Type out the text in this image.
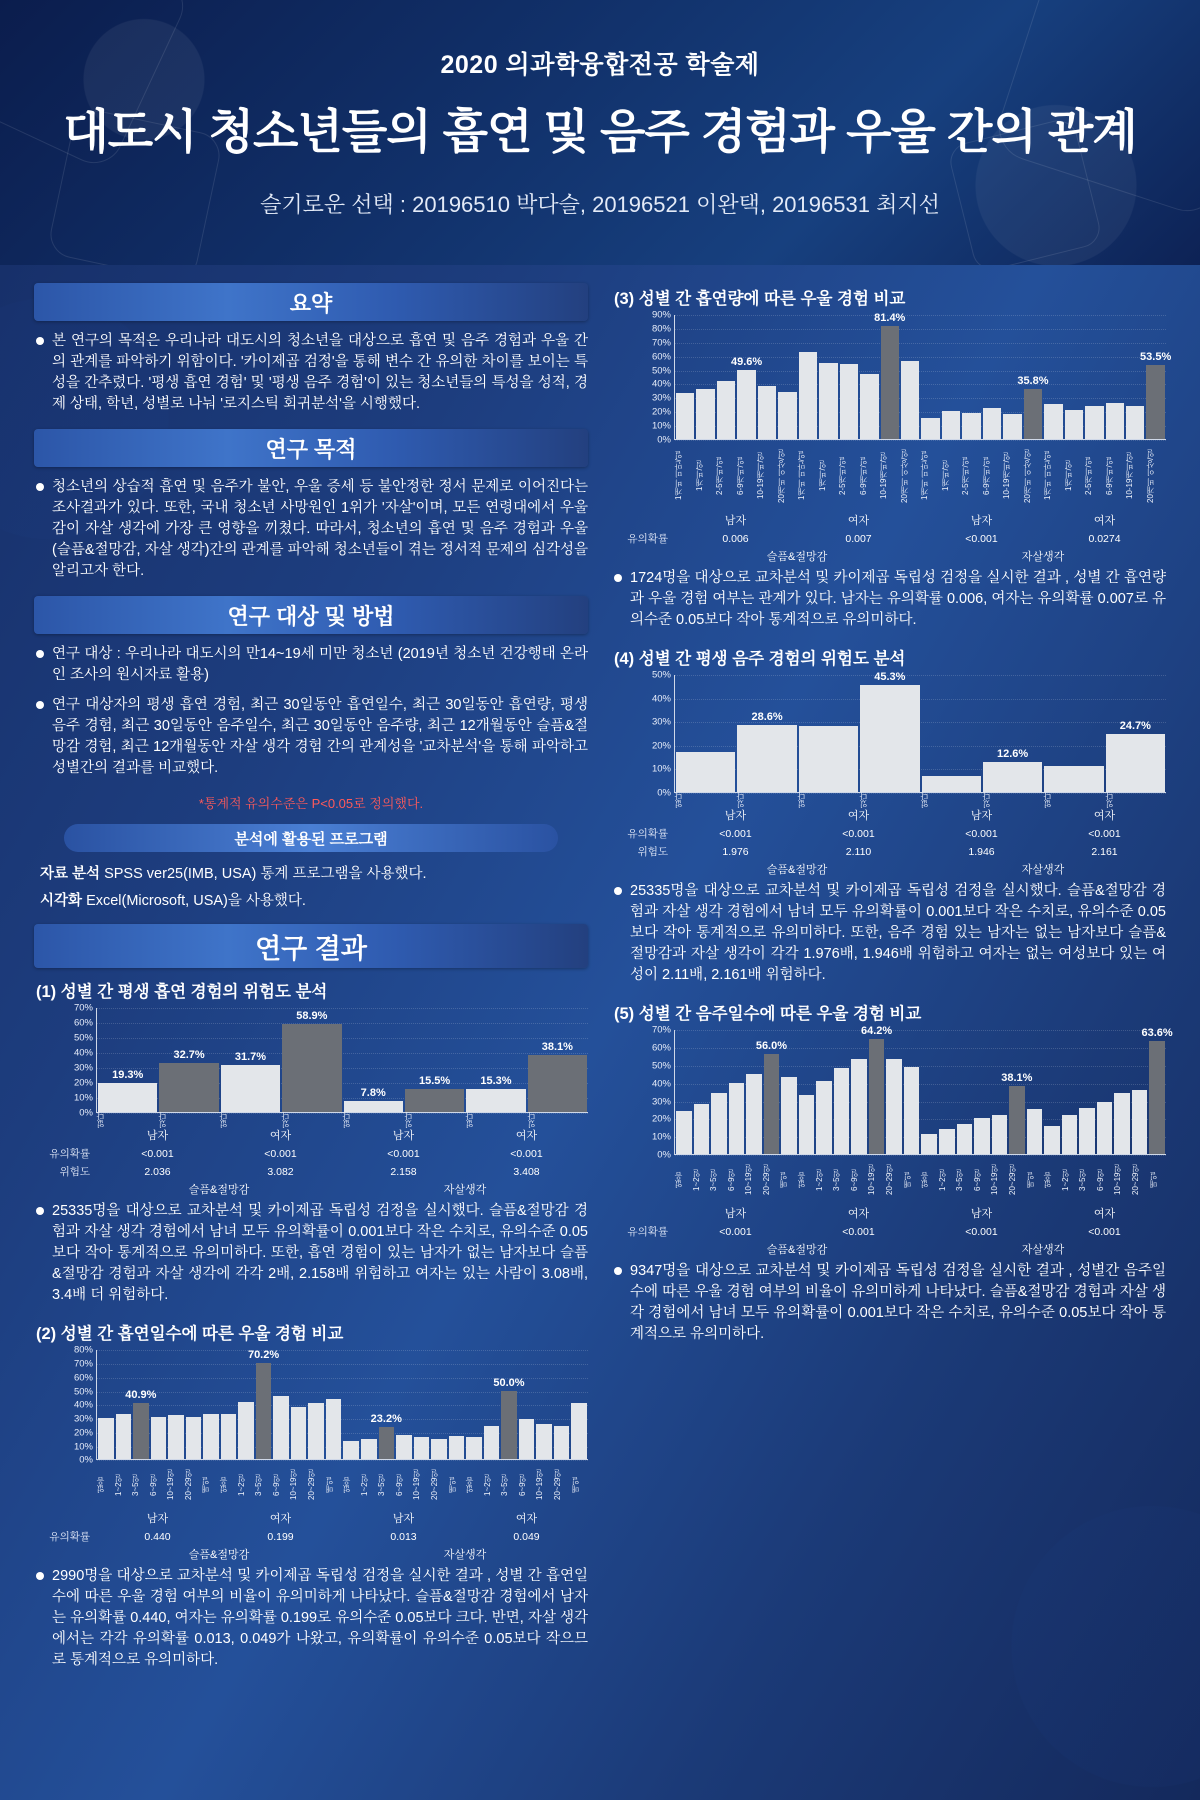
2020 의과학융합전공 학술제
대도시 청소년들의 흡연 및 음주 경험과 우울 간의 관계
슬기로운 선택 : 20196510 박다슬, 20196521 이완택, 20196531 최지선
요약
본 연구의 목적은 우리나라 대도시의 청소년을 대상으로 흡연 및 음주 경험과 우울 간의 관계를 파악하기 위함이다. '카이제곱 검정'을 통해 변수 간 유의한 차이를 보이는 특성을 간추렸다. '평생 흡연 경험' 및 '평생 음주 경험'이 있는 청소년들의 특성을 성적, 경제 상태, 학년, 성별로 나눠 '로지스틱 회귀분석'을 시행했다.
연구 목적
청소년의 상습적 흡연 및 음주가 불안, 우울 증세 등 불안정한 정서 문제로 이어진다는 조사결과가 있다. 또한, 국내 청소년 사망원인 1위가 '자살'이며, 모든 연령대에서 우울감이 자살 생각에 가장 큰 영향을 끼쳤다. 따라서, 청소년의 흡연 및 음주 경험과 우울(슬픔&절망감, 자살 생각)간의 관계를 파악해 청소년들이 겪는 정서적 문제의 심각성을 알리고자 한다.
연구 대상 및 방법
연구 대상 : 우리나라 대도시의 만14~19세 미만 청소년 (2019년 청소년 건강행태 온라인 조사의 원시자료 활용)
연구 대상자의 평생 흡연 경험, 최근 30일동안 흡연일수, 최근 30일동안 흡연량, 평생 음주 경험, 최근 30일동안 음주일수, 최근 30일동안 음주량, 최근 12개월동안 슬픔&절망감 경험, 최근 12개월동안 자살 생각 경험 간의 관계성을 '교차분석'을 통해 파악하고 성별간의 결과를 비교했다.
*통계적 유의수준은 P<0.05로 정의했다.
분석에 활용된 프로그램
자료 분석 SPSS ver25(IMB, USA) 통계 프로그램을 사용했다.
시각화 Excel(Microsoft, USA)을 사용했다.
연구 결과
(1) 성별 간 평생 흡연 경험의 위험도 분석
0%
10%
20%
30%
40%
50%
60%
70%
19.3%
32.7%	31.7%
58.9%
7.8%
15.5%	15.3%
38.1%
없다	있다	없다	있다	없다	있다	없다	있다
남자	여자	남자	여자
유의확률	<0.001	<0.001	<0.001	<0.001
위험도	2.036	3.082	2.158	3.408
슬픔&절망감	자살생각
25335명을 대상으로 교차분석 및 카이제곱 독립성 검정을 실시했다. 슬픔&절망감 경험과 자살 생각 경험에서 남녀 모두 유의확률이 0.001보다 작은 수치로, 유의수준 0.05보다 작아 통계적으로 유의미하다. 또한, 흡연 경험이 있는 남자가 없는 남자보다 슬픔&절망감 경험과 자살 생각에 각각 2배, 2.158배 위험하고 여자는 있는 사람이 3.08배, 3.4배 더 위험하다.
(2) 성별 간 흡연일수에 따른 우울 경험 비교
0%
10%
20%
30%
40%
50%
60%
70%
80%
40.9%
70.2%
23.2%
50.0%
없음	1~2일	3~5일	6~9일	10~19일	20~29일	매일	없음	1~2일	3~5일	6~9일	10~19일	20~29일	매일	없음	1~2일	3~5일	6~9일	10~19일	20~29일	매일	없음	1~2일	3~5일	6~9일	10~19일	20~29일	매일
남자	여자	남자	여자
유의확률	0.440	0.199	0.013	0.049
슬픔&절망감	자살생각
2990명을 대상으로 교차분석 및 카이제곱 독립성 검정을 실시한 결과 , 성별 간 흡연일수에 따른 우울 경험 여부의 비율이 유의미하게 나타났다. 슬픔&절망감 경험에서 남자는 유의확률 0.440, 여자는 유의확률 0.199로 유의수준 0.05보다 크다. 반면, 자살 생각에서는 각각 유의확률 0.013, 0.049가 나왔고, 유의확률이 유의수준 0.05보다 작으므로 통계적으로 유의미하다.
(3) 성별 간 흡연량에 따른 우울 경험 비교
0%
10%
20%
30%
40%
50%
60%
70%
80%
90%
49.6%
81.4%
35.8%
53.5%
1개비 미만/일	1개비/일	2-5개비/일	6-9개비/일	10-19개비/일	20개비 이상/일	1개비 미만/일	1개비/일	2-5개비/일	6-9개비/일	10-19개비/일	20개비 이상/일	1개비 미만/일	1개비/일	2-5개비/일	6-9개비/일	10-19개비/일	20개비 이상/일	1개비 미만/일	1개비/일	2-5개비/일	6-9개비/일	10-19개비/일	20개비 이상/일
남자	여자	남자	여자
유의확률	0.006	0.007	<0.001	0.0274
슬픔&절망감	자살생각
1724명을 대상으로 교차분석 및 카이제곱 독립성 검정을 실시한 결과 , 성별 간 흡연량과 우울 경험 여부는 관계가 있다. 남자는 유의확률 0.006, 여자는 유의확률 0.007로 유의수준 0.05보다 작아 통계적으로 유의미하다.
(4) 성별 간 평생 음주 경험의 위험도 분석
0%
10%
20%
30%
40%
50%
28.6%
45.3%
12.6%
24.7%
없다	있다	없다	있다	없다	있다	없다	있다
남자	여자	남자	여자
유의확률	<0.001	<0.001	<0.001	<0.001
위험도	1.976	2.110	1.946	2.161
슬픔&절망감	자살생각
25335명을 대상으로 교차분석 및 카이제곱 독립성 검정을 실시했다. 슬픔&절망감 경험과 자살 생각 경험에서 남녀 모두 유의확률이 0.001보다 작은 수치로, 유의수준 0.05보다 작아 통계적으로 유의미하다. 또한, 음주 경험 있는 남자는 없는 남자보다 슬픔&절망감과 자살 생각이 각각 1.976배, 1.946배 위험하고 여자는 없는 여성보다 있는 여성이 2.11배, 2.161배 위험하다.
(5) 성별 간 음주일수에 따른 우울 경험 비교
0%
10%
20%
30%
40%
50%
60%
70%
56.0%
64.2%
38.1%
63.6%
없음	1~2일	3~5일	6~9일	10~19일	20~29일	매일	없음	1~2일	3~5일	6~9일	10~19일	20~29일	매일	없음	1~2일	3~5일	6~9일	10~19일	20~29일	매일	없음	1~2일	3~5일	6~9일	10~19일	20~29일	매일
남자	여자	남자	여자
유의확률	<0.001	<0.001	<0.001	<0.001
슬픔&절망감	자살생각
9347명을 대상으로 교차분석 및 카이제곱 독립성 검정을 실시한 결과 , 성별간 음주일수에 따른 우울 경험 여부의 비율이 유의미하게 나타났다. 슬픔&절망감 경험과 자살 생각 경험에서 남녀 모두 유의확률이 0.001보다 작은 수치로, 유의수준 0.05보다 작아 통계적으로 유의미하다.
